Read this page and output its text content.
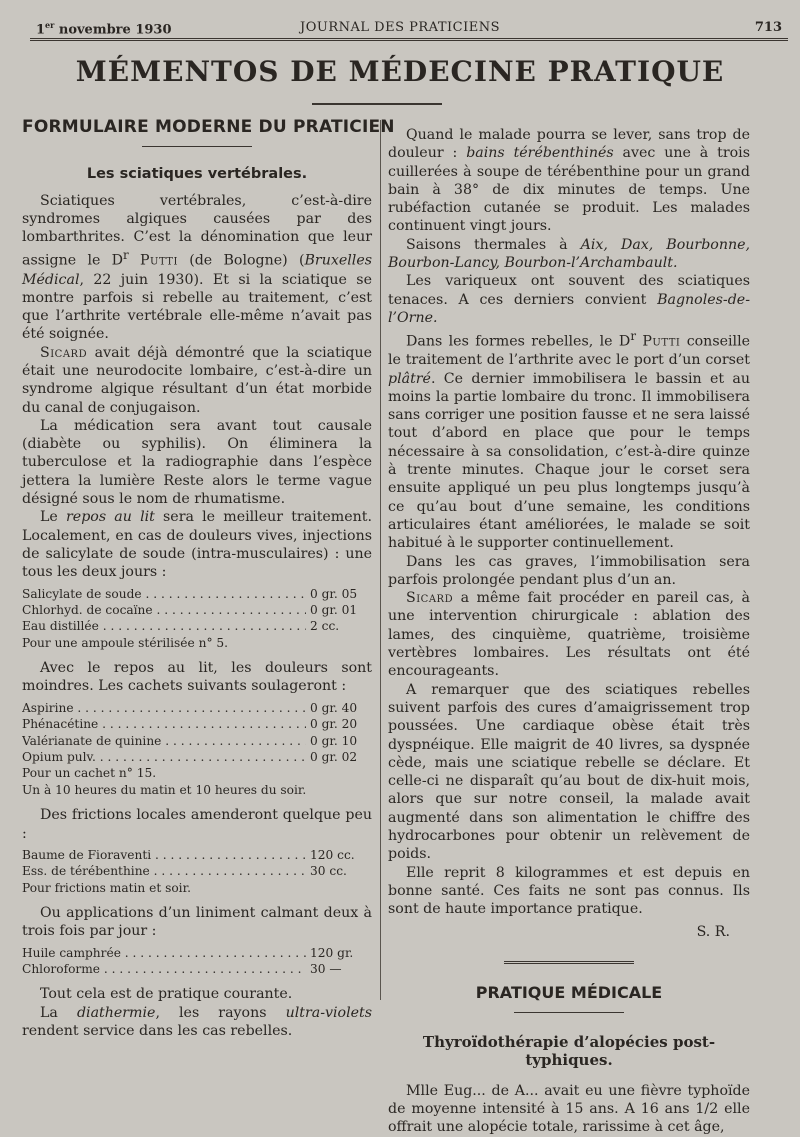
1er novembre 1930	JOURNAL DES PRATICIENS	713
MÉMENTOS DE MÉDECINE PRATIQUE
FORMULAIRE MODERNE DU PRATICIEN
Les sciatiques vertébrales.

Sciatiques vertébrales, c’est-à-dire syndromes algiques causées par des lombarthrites. C’est la dénomination que leur assigne le $D^r$ Putti (de Bologne) (Bruxelles Médical, 22 juin 1930). Et si la sciatique se montre parfois si rebelle au traitement, c’est que l’arthrite vertébrale elle-même n’avait pas été soignée.

Sicard avait déjà démontré que la sciatique était une neurodocite lombaire, c’est-à-dire un syndrome algique résultant d’un état morbide du canal de conjugaison.

La médication sera avant tout causale (diabète ou syphilis). On éliminera la tuberculose et la radiographie dans l’espèce jettera la lumière Reste alors le terme vague désigné sous le nom de rhumatisme.

Le repos au lit sera le meilleur traitement. Localement, en cas de douleurs vives, injections de salicylate de soude (intra-musculaires) : une tous les deux jours :

Salicylate de soude . . .	0 gr. 05
Chlorhyd. de cocaïne . . .	0 gr. 01
Eau distillée . . .	2 cc.
Pour une ampoule stérilisée n° 5.

Avec le repos au lit, les douleurs sont moindres. Les cachets suivants soulageront :

Aspirine . . .	0 gr. 40
Phénacétine . . .	0 gr. 20
Valérianate de quinine . . .	0 gr. 10
Opium pulv. . . .	0 gr. 02
Pour un cachet n° 15.
Un à 10 heures du matin et 10 heures du soir.

Des frictions locales amenderont quelque peu :

Baume de Fioraventi . . .	120 cc.
Ess. de térébenthine . . .	30 cc.
Pour frictions matin et soir.

Ou applications d’un liniment calmant deux à trois fois par jour :

Huile camphrée . . .	120 gr.
Chloroforme . . .	30 —

Tout cela est de pratique courante.

La diathermie, les rayons ultra-violets rendent service dans les cas rebelles.

Quand le malade pourra se lever, sans trop de douleur : bains térébenthinés avec une à trois cuillerées à soupe de térébenthine pour un grand bain à 38° de dix minutes de temps. Une rubéfaction cutanée se produit. Les malades continuent vingt jours.

Saisons thermales à Aix, Dax, Bourbonne, Bourbon-Lancy, Bourbon-l’Archambault.

Les variqueux ont souvent des sciatiques tenaces. A ces derniers convient Bagnoles-de-l’Orne.

Dans les formes rebelles, le $D^r$ Putti conseille le traitement de l’arthrite avec le port d’un corset plâtré. Ce dernier immobilisera le bassin et au moins la partie lombaire du tronc. Il immobilisera sans corriger une position fausse et ne sera laissé tout d’abord en place que pour le temps nécessaire à sa consolidation, c’est-à-dire quinze à trente minutes. Chaque jour le corset sera ensuite appliqué un peu plus longtemps jusqu’à ce qu’au bout d’une semaine, les conditions articulaires étant améliorées, le malade se soit habitué à le supporter continuellement.

Dans les cas graves, l’immobilisation sera parfois prolongée pendant plus d’un an.

Sicard a même fait procéder en pareil cas, à une intervention chirurgicale : ablation des lames, des cinquième, quatrième, troisième vertèbres lombaires. Les résultats ont été encourageants.

A remarquer que des sciatiques rebelles suivent parfois des cures d’amaigrissement trop poussées. Une cardiaque obèse était très dyspnéique. Elle maigrit de 40 livres, sa dyspnée cède, mais une sciatique rebelle se déclare. Et celle-ci ne disparaît qu’au bout de dix-huit mois, alors que sur notre conseil, la malade avait augmenté dans son alimentation le chiffre des hydrocarbones pour obtenir un relèvement de poids.

Elle reprit 8 kilogrammes et est depuis en bonne santé. Ces faits ne sont pas connus. Ils sont de haute importance pratique.

S. R.

PRATIQUE MÉDICALE
Thyroïdothérapie d’alopécies post-typhiques.

Mlle Eug... de A... avait eu une fièvre typhoïde de moyenne intensité à 15 ans. A 16 ans 1/2 elle offrait une alopécie totale, rarissime à cet âge,
